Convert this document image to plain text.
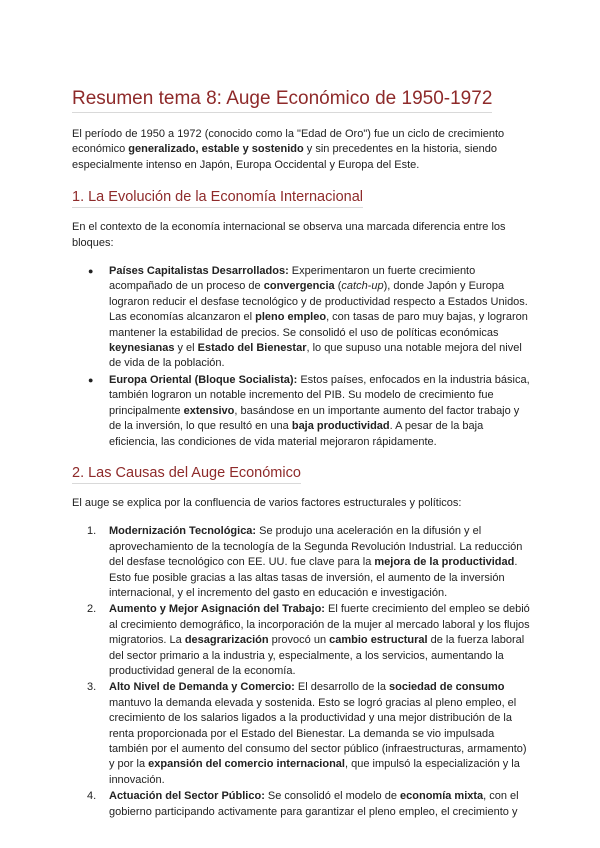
Resumen tema 8: Auge Económico de 1950-1972

El período de 1950 a 1972 (conocido como la "Edad de Oro") fue un ciclo de crecimiento económico generalizado, estable y sostenido y sin precedentes en la historia, siendo especialmente intenso en Japón, Europa Occidental y Europa del Este.

1. La Evolución de la Economía Internacional

En el contexto de la economía internacional se observa una marcada diferencia entre los bloques:

● Países Capitalistas Desarrollados: Experimentaron un fuerte crecimiento acompañado de un proceso de convergencia (catch-up), donde Japón y Europa lograron reducir el desfase tecnológico y de productividad respecto a Estados Unidos. Las economías alcanzaron el pleno empleo, con tasas de paro muy bajas, y lograron mantener la estabilidad de precios. Se consolidó el uso de políticas económicas keynesianas y el Estado del Bienestar, lo que supuso una notable mejora del nivel de vida de la población.
● Europa Oriental (Bloque Socialista): Estos países, enfocados en la industria básica, también lograron un notable incremento del PIB. Su modelo de crecimiento fue principalmente extensivo, basándose en un importante aumento del factor trabajo y de la inversión, lo que resultó en una baja productividad. A pesar de la baja eficiencia, las condiciones de vida material mejoraron rápidamente.
2. Las Causas del Auge Económico

El auge se explica por la confluencia de varios factores estructurales y políticos:

1. Modernización Tecnológica: Se produjo una aceleración en la difusión y el aprovechamiento de la tecnología de la Segunda Revolución Industrial. La reducción del desfase tecnológico con EE. UU. fue clave para la mejora de la productividad. Esto fue posible gracias a las altas tasas de inversión, el aumento de la inversión internacional, y el incremento del gasto en educación e investigación.
2. Aumento y Mejor Asignación del Trabajo: El fuerte crecimiento del empleo se debió al crecimiento demográfico, la incorporación de la mujer al mercado laboral y los flujos migratorios. La desagrarización provocó un cambio estructural de la fuerza laboral del sector primario a la industria y, especialmente, a los servicios, aumentando la productividad general de la economía.
3. Alto Nivel de Demanda y Comercio: El desarrollo de la sociedad de consumo mantuvo la demanda elevada y sostenida. Esto se logró gracias al pleno empleo, el crecimiento de los salarios ligados a la productividad y una mejor distribución de la renta proporcionada por el Estado del Bienestar. La demanda se vio impulsada también por el aumento del consumo del sector público (infraestructuras, armamento) y por la expansión del comercio internacional, que impulsó la especialización y la innovación.
4. Actuación del Sector Público: Se consolidó el modelo de economía mixta, con el gobierno participando activamente para garantizar el pleno empleo, el crecimiento y
